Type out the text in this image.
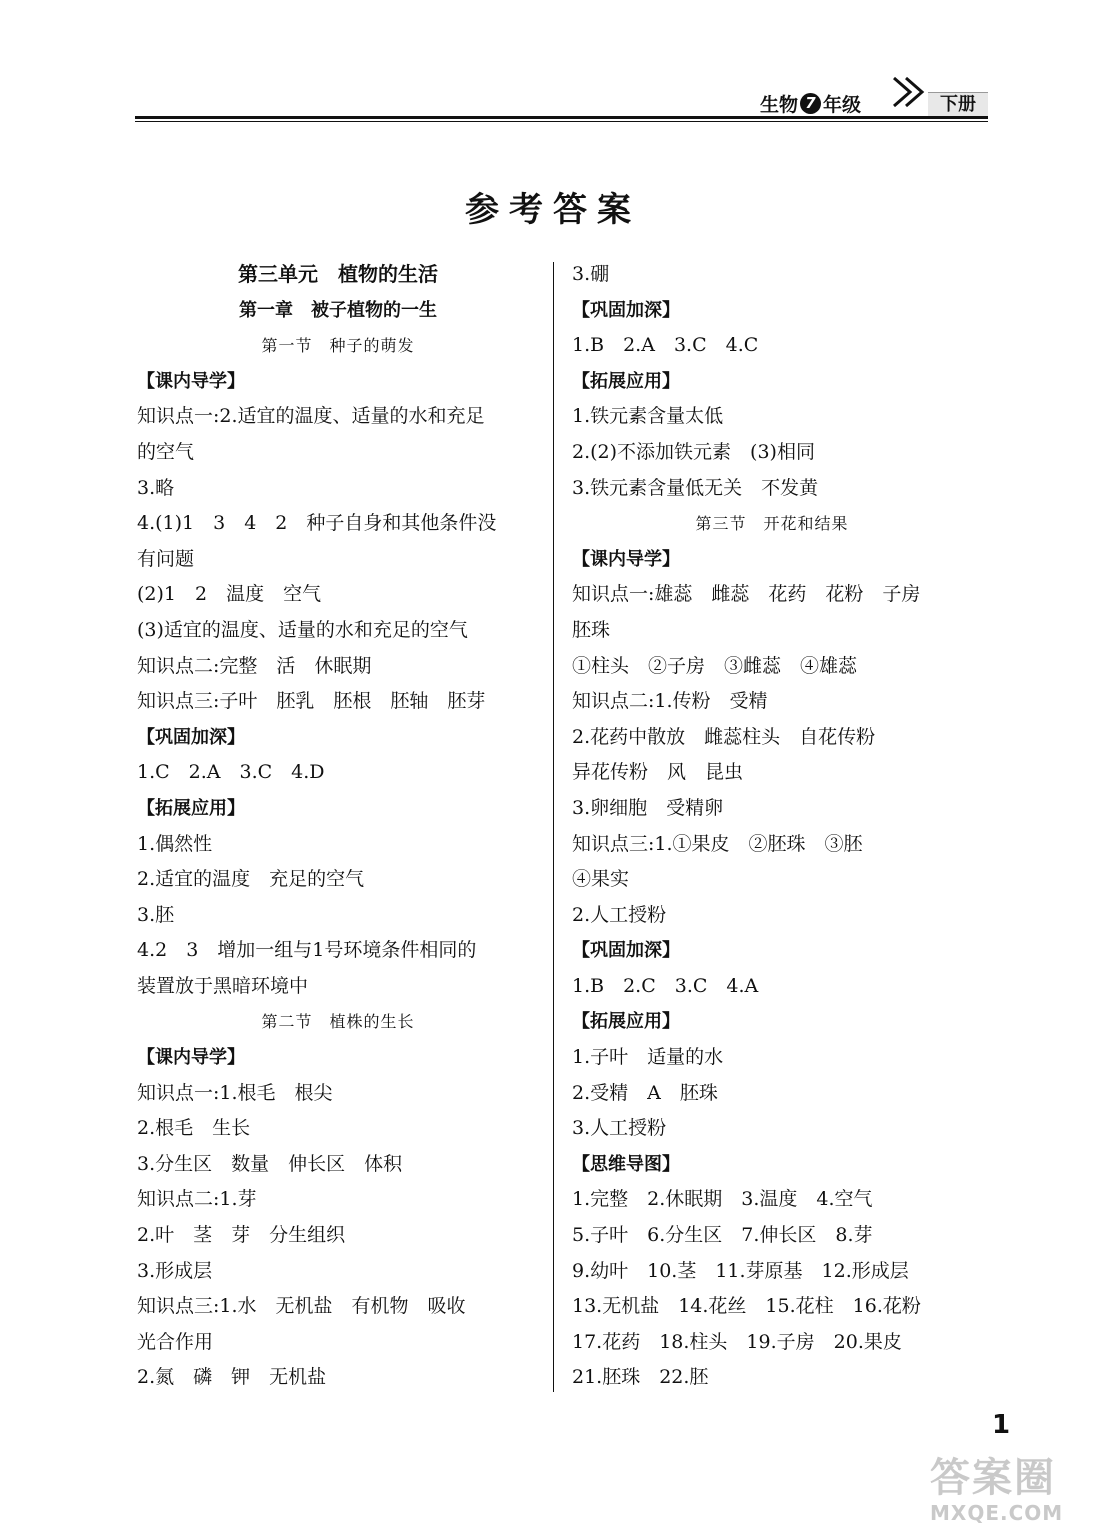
生物 7 年级	下册
参考答案
第三单元　植物的生活
第一章　被子植物的一生
第一节　种子的萌发
【课内导学】
知识点一:2.适宜的温度、适量的水和充足
的空气
3.略
4.(1)1　3　4　2　种子自身和其他条件没
有问题
(2)1　2　温度　空气
(3)适宜的温度、适量的水和充足的空气
知识点二:完整　活　休眠期
知识点三:子叶　胚乳　胚根　胚轴　胚芽
【巩固加深】
1.C　2.A　3.C　4.D
【拓展应用】
1.偶然性
2.适宜的温度　充足的空气
3.胚
4.2　3　增加一组与1号环境条件相同的
装置放于黑暗环境中
第二节　植株的生长
【课内导学】
知识点一:1.根毛　根尖
2.根毛　生长
3.分生区　数量　伸长区　体积
知识点二:1.芽
2.叶　茎　芽　分生组织
3.形成层
知识点三:1.水　无机盐　有机物　吸收
光合作用
2.氮　磷　钾　无机盐
3.硼
【巩固加深】
1.B　2.A　3.C　4.C
【拓展应用】
1.铁元素含量太低
2.(2)不添加铁元素　(3)相同
3.铁元素含量低无关　不发黄
第三节　开花和结果
【课内导学】
知识点一:雄蕊　雌蕊　花药　花粉　子房
胚珠
①柱头　②子房　③雌蕊　④雄蕊
知识点二:1.传粉　受精
2.花药中散放　雌蕊柱头　自花传粉
异花传粉　风　昆虫
3.卵细胞　受精卵
知识点三:1.①果皮　②胚珠　③胚
④果实
2.人工授粉
【巩固加深】
1.B　2.C　3.C　4.A
【拓展应用】
1.子叶　适量的水
2.受精　A　胚珠
3.人工授粉
【思维导图】
1.完整　2.休眠期　3.温度　4.空气
5.子叶　6.分生区　7.伸长区　8.芽
9.幼叶　10.茎　11.芽原基　12.形成层
13.无机盐　14.花丝　15.花柱　16.花粉
17.花药　18.柱头　19.子房　20.果皮
21.胚珠　22.胚
1
答案圈
MXQE.COM
